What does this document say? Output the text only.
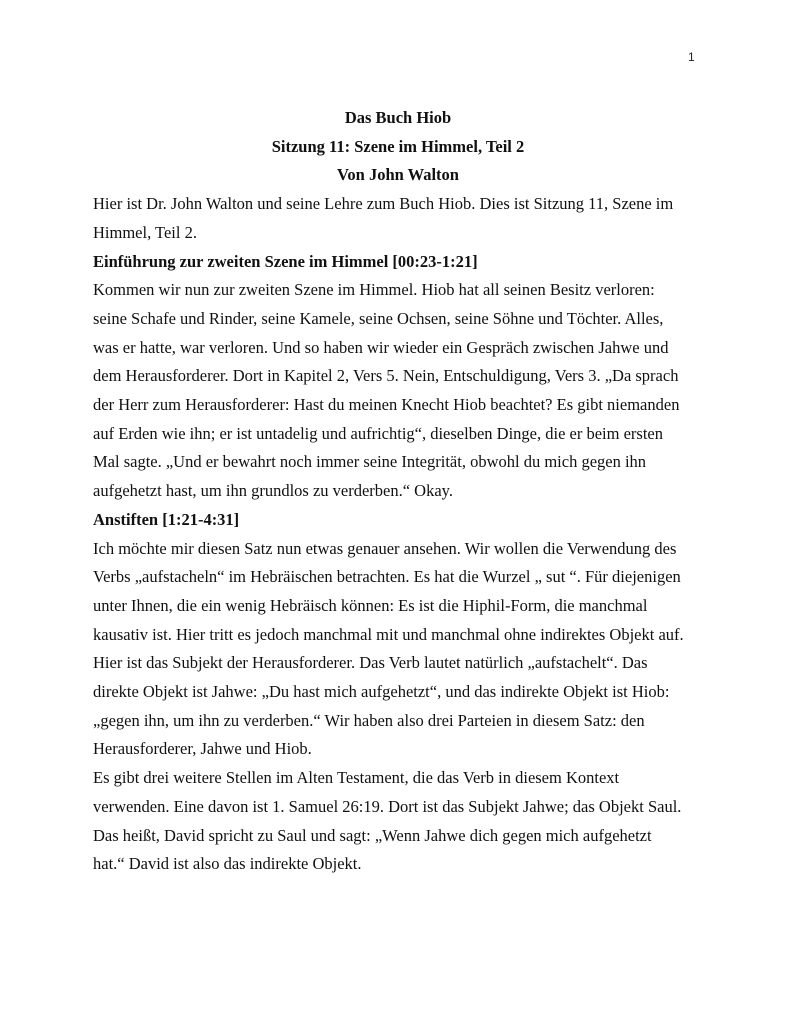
1

Das Buch Hiob

Sitzung 11: Szene im Himmel, Teil 2

Von John Walton

Hier ist Dr. John Walton und seine Lehre zum Buch Hiob. Dies ist Sitzung 11, Szene im
Himmel, Teil 2.

Einführung zur zweiten Szene im Himmel [00:23-1:21]

Kommen wir nun zur zweiten Szene im Himmel. Hiob hat all seinen Besitz verloren:
seine Schafe und Rinder, seine Kamele, seine Ochsen, seine Söhne und Töchter. Alles,
was er hatte, war verloren. Und so haben wir wieder ein Gespräch zwischen Jahwe und
dem Herausforderer. Dort in Kapitel 2, Vers 5. Nein, Entschuldigung, Vers 3. „Da sprach
der Herr zum Herausforderer: Hast du meinen Knecht Hiob beachtet? Es gibt niemanden
auf Erden wie ihn; er ist untadelig und aufrichtig“, dieselben Dinge, die er beim ersten
Mal sagte. „Und er bewahrt noch immer seine Integrität, obwohl du mich gegen ihn
aufgehetzt hast, um ihn grundlos zu verderben.“ Okay.

Anstiften [1:21-4:31]

Ich möchte mir diesen Satz nun etwas genauer ansehen. Wir wollen die Verwendung des
Verbs „aufstacheln“ im Hebräischen betrachten. Es hat die Wurzel „ sut “. Für diejenigen
unter Ihnen, die ein wenig Hebräisch können: Es ist die Hiphil-Form, die manchmal
kausativ ist. Hier tritt es jedoch manchmal mit und manchmal ohne indirektes Objekt auf.
Hier ist das Subjekt der Herausforderer. Das Verb lautet natürlich „aufstachelt“. Das
direkte Objekt ist Jahwe: „Du hast mich aufgehetzt“, und das indirekte Objekt ist Hiob:
„gegen ihn, um ihn zu verderben.“ Wir haben also drei Parteien in diesem Satz: den
Herausforderer, Jahwe und Hiob.

Es gibt drei weitere Stellen im Alten Testament, die das Verb in diesem Kontext
verwenden. Eine davon ist 1. Samuel 26:19. Dort ist das Subjekt Jahwe; das Objekt Saul.
Das heißt, David spricht zu Saul und sagt: „Wenn Jahwe dich gegen mich aufgehetzt
hat.“ David ist also das indirekte Objekt.
